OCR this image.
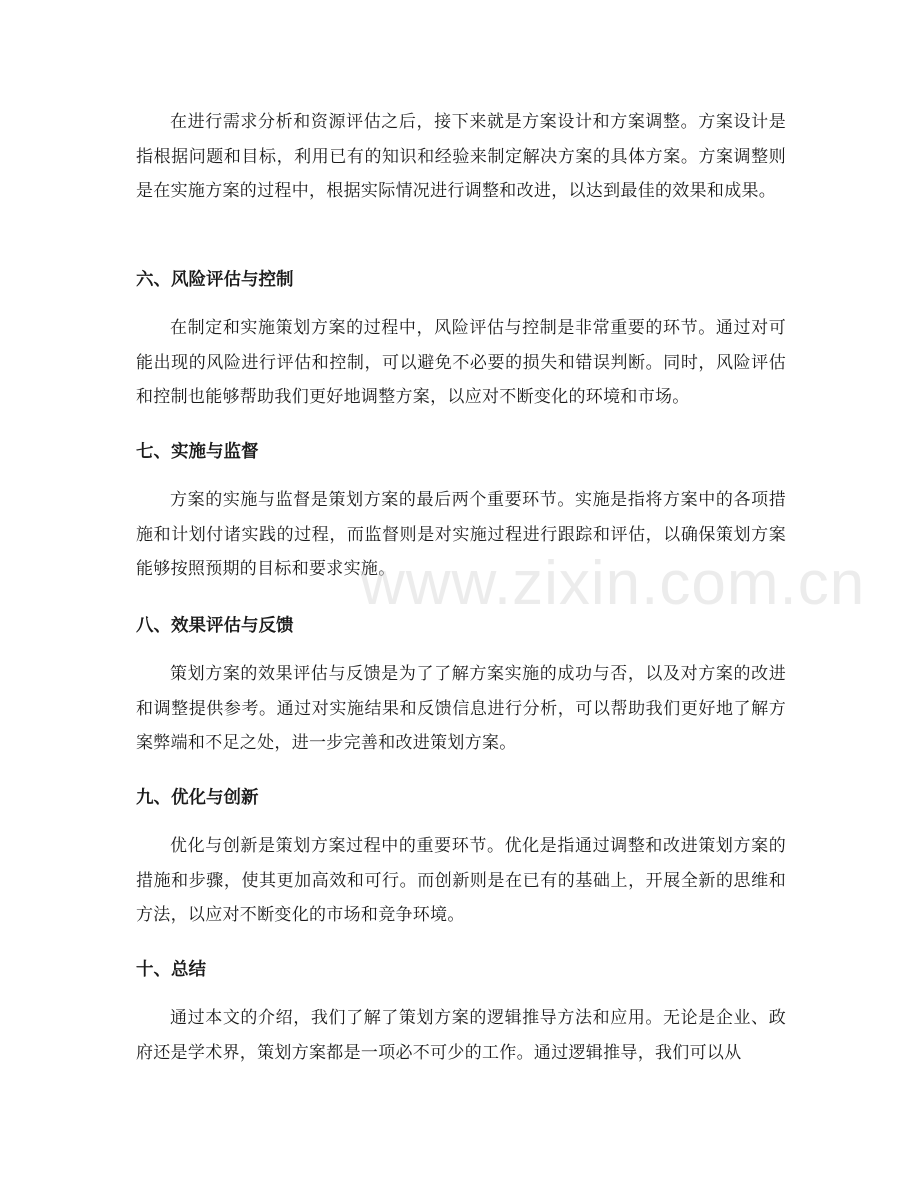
在进行需求分析和资源评估之后，接下来就是方案设计和方案调整。方案设计是指根据问题和目标，利用已有的知识和经验来制定解决方案的具体方案。方案调整则是在实施方案的过程中，根据实际情况进行调整和改进，以达到最佳的效果和成果。

六、风险评估与控制

在制定和实施策划方案的过程中，风险评估与控制是非常重要的环节。通过对可能出现的风险进行评估和控制，可以避免不必要的损失和错误判断。同时，风险评估和控制也能够帮助我们更好地调整方案，以应对不断变化的环境和市场。

七、实施与监督

方案的实施与监督是策划方案的最后两个重要环节。实施是指将方案中的各项措施和计划付诸实践的过程，而监督则是对实施过程进行跟踪和评估，以确保策划方案能够按照预期的目标和要求实施。

八、效果评估与反馈

策划方案的效果评估与反馈是为了了解方案实施的成功与否，以及对方案的改进和调整提供参考。通过对实施结果和反馈信息进行分析，可以帮助我们更好地了解方案弊端和不足之处，进一步完善和改进策划方案。

九、优化与创新

优化与创新是策划方案过程中的重要环节。优化是指通过调整和改进策划方案的措施和步骤，使其更加高效和可行。而创新则是在已有的基础上，开展全新的思维和方法，以应对不断变化的市场和竞争环境。

十、总结

通过本文的介绍，我们了解了策划方案的逻辑推导方法和应用。无论是企业、政府还是学术界，策划方案都是一项必不可少的工作。通过逻辑推导，我们可以从

www.zixin.com.cn
